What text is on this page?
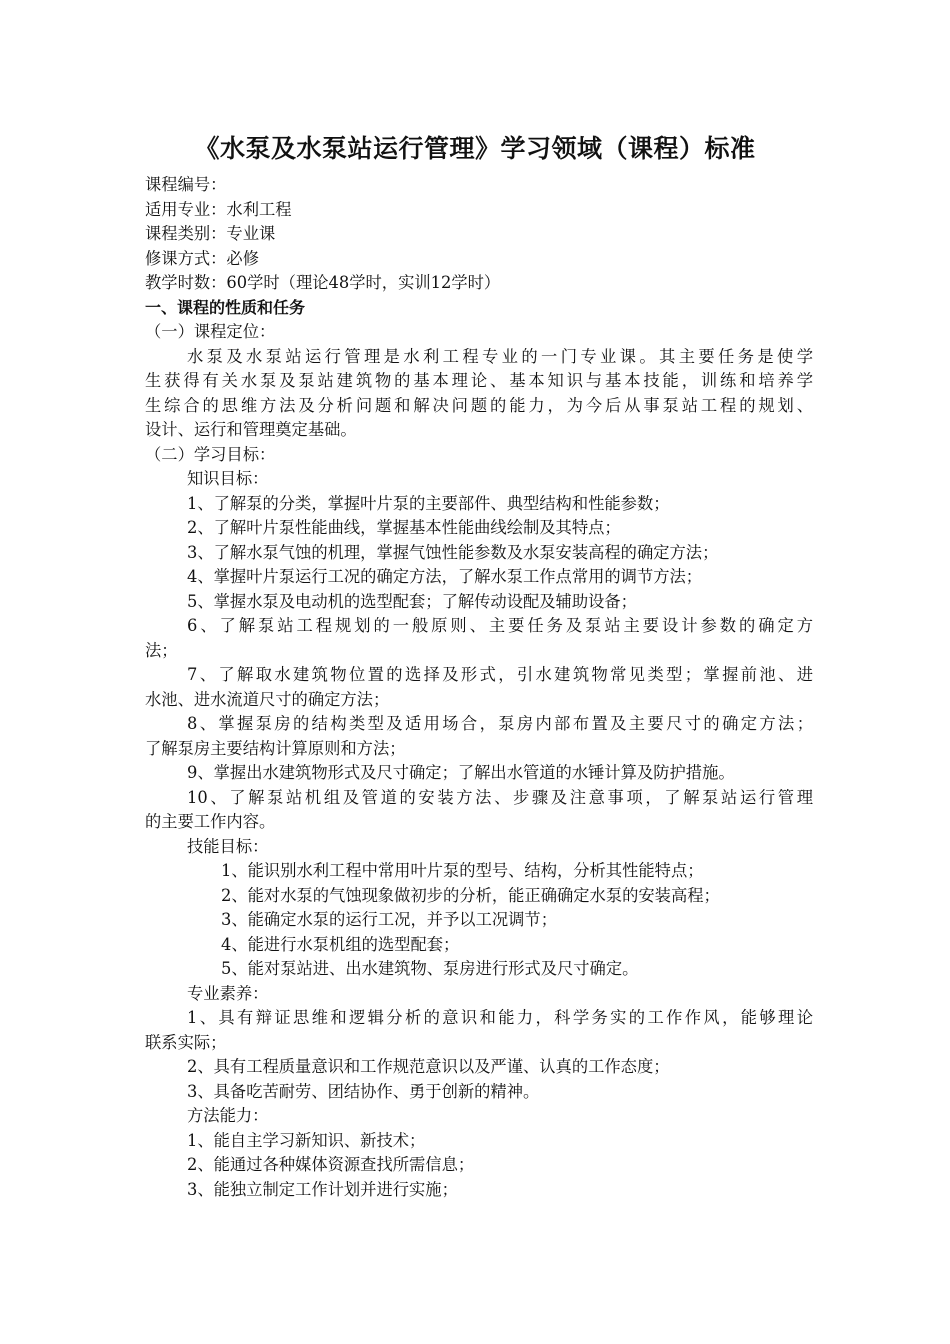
《水泵及水泵站运行管理》学习领域（课程）标准
课程编号：
适用专业：水利工程
课程类别：专业课
修课方式：必修
教学时数：60学时（理论48学时，实训12学时）
一、课程的性质和任务
（一）课程定位：
水泵及水泵站运行管理是水利工程专业的一门专业课。其主要任务是使学
生获得有关水泵及泵站建筑物的基本理论、基本知识与基本技能，训练和培养学
生综合的思维方法及分析问题和解决问题的能力，为今后从事泵站工程的规划、
设计、运行和管理奠定基础。
（二）学习目标：
知识目标：
1、了解泵的分类，掌握叶片泵的主要部件、典型结构和性能参数；
2、了解叶片泵性能曲线，掌握基本性能曲线绘制及其特点；
3、了解水泵气蚀的机理，掌握气蚀性能参数及水泵安装高程的确定方法；
4、掌握叶片泵运行工况的确定方法，了解水泵工作点常用的调节方法；
5、掌握水泵及电动机的选型配套；了解传动设配及辅助设备；
6、了解泵站工程规划的一般原则、主要任务及泵站主要设计参数的确定方
法；
7、了解取水建筑物位置的选择及形式，引水建筑物常见类型；掌握前池、进
水池、进水流道尺寸的确定方法；
8、掌握泵房的结构类型及适用场合，泵房内部布置及主要尺寸的确定方法；
了解泵房主要结构计算原则和方法；
9、掌握出水建筑物形式及尺寸确定；了解出水管道的水锤计算及防护措施。
10、了解泵站机组及管道的安装方法、步骤及注意事项，了解泵站运行管理
的主要工作内容。
技能目标：
1、能识别水利工程中常用叶片泵的型号、结构，分析其性能特点；
2、能对水泵的气蚀现象做初步的分析，能正确确定水泵的安装高程；
3、能确定水泵的运行工况，并予以工况调节；
4、能进行水泵机组的选型配套；
5、能对泵站进、出水建筑物、泵房进行形式及尺寸确定。
专业素养：
1、具有辩证思维和逻辑分析的意识和能力，科学务实的工作作风，能够理论
联系实际；
2、具有工程质量意识和工作规范意识以及严谨、认真的工作态度；
3、具备吃苦耐劳、团结协作、勇于创新的精神。
方法能力：
1、能自主学习新知识、新技术；
2、能通过各种媒体资源查找所需信息；
3、能独立制定工作计划并进行实施；
